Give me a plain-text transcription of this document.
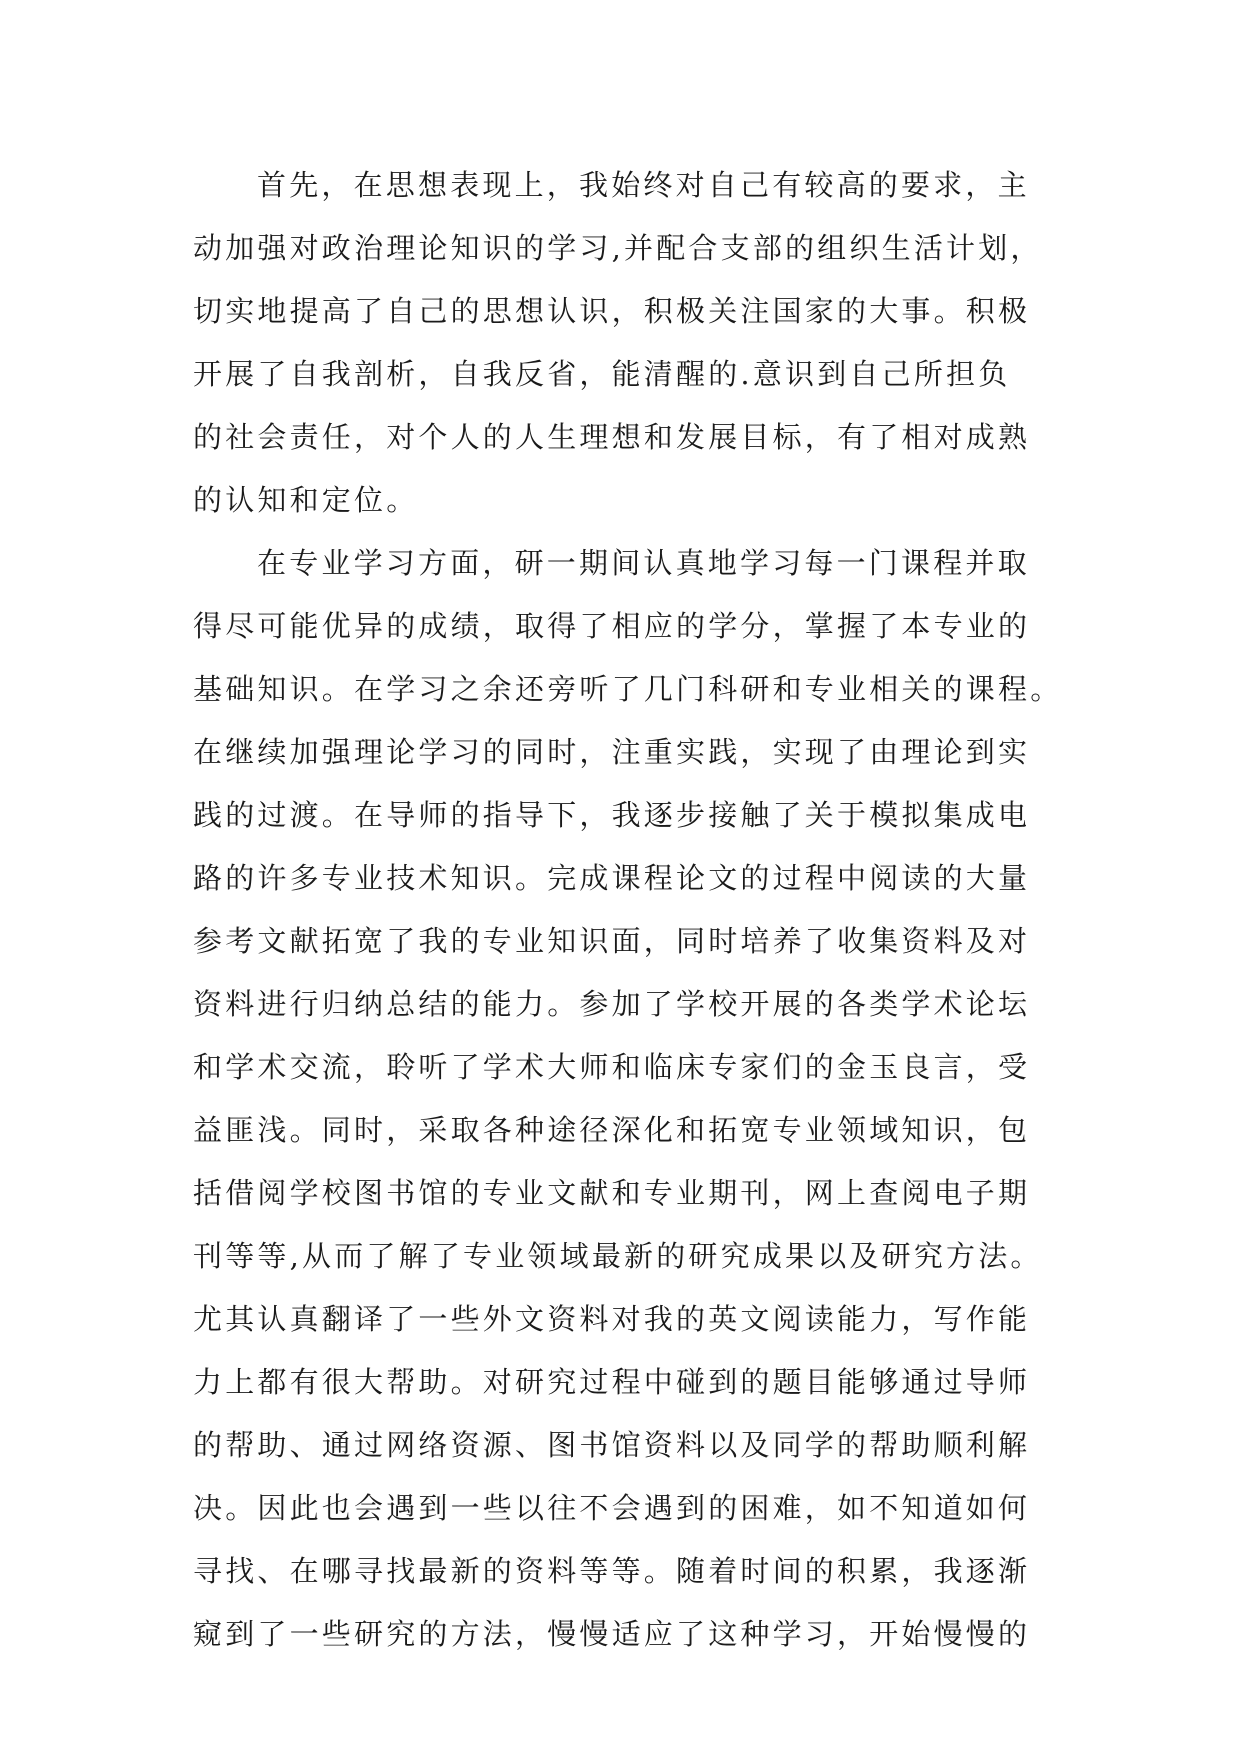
首先，在思想表现上，我始终对自己有较高的要求，主
动加强对政治理论知识的学习,并配合支部的组织生活计划，
切实地提高了自己的思想认识，积极关注国家的大事。积极
开展了自我剖析，自我反省，能清醒的.意识到自己所担负
的社会责任，对个人的人生理想和发展目标，有了相对成熟
的认知和定位。
在专业学习方面，研一期间认真地学习每一门课程并取
得尽可能优异的成绩，取得了相应的学分，掌握了本专业的
基础知识。在学习之余还旁听了几门科研和专业相关的课程。
在继续加强理论学习的同时，注重实践，实现了由理论到实
践的过渡。在导师的指导下，我逐步接触了关于模拟集成电
路的许多专业技术知识。完成课程论文的过程中阅读的大量
参考文献拓宽了我的专业知识面，同时培养了收集资料及对
资料进行归纳总结的能力。参加了学校开展的各类学术论坛
和学术交流，聆听了学术大师和临床专家们的金玉良言，受
益匪浅。同时，采取各种途径深化和拓宽专业领域知识，包
括借阅学校图书馆的专业文献和专业期刊，网上查阅电子期
刊等等,从而了解了专业领域最新的研究成果以及研究方法。
尤其认真翻译了一些外文资料对我的英文阅读能力，写作能
力上都有很大帮助。对研究过程中碰到的题目能够通过导师
的帮助、通过网络资源、图书馆资料以及同学的帮助顺利解
决。因此也会遇到一些以往不会遇到的困难，如不知道如何
寻找、在哪寻找最新的资料等等。随着时间的积累，我逐渐
窥到了一些研究的方法，慢慢适应了这种学习，开始慢慢的
